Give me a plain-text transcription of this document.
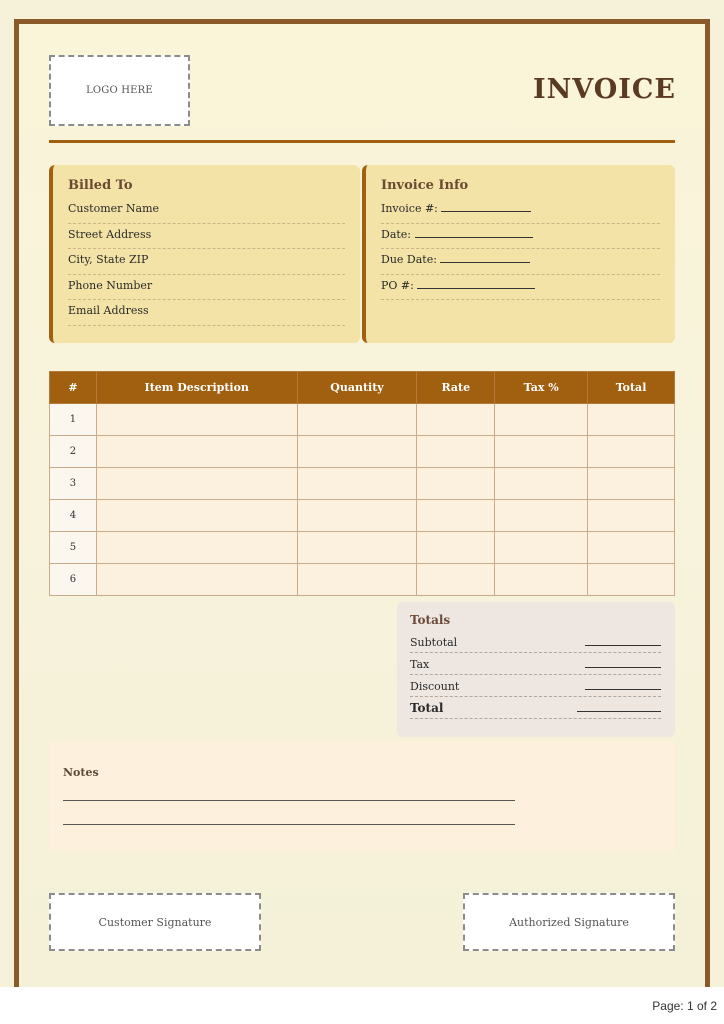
LOGO HERE	INVOICE
Billed To
Customer Name
Street Address
City, State ZIP
Phone Number
Email Address
Invoice Info
Invoice #:
Date:
Due Date:
PO #:
#	Item Description	Quantity	Rate	Tax %	Total
1					
2					
3					
4					
5					
6					
Totals
Subtotal
Tax
Discount
Total
Notes
Customer Signature	Authorized Signature
Page: 1 of 2
